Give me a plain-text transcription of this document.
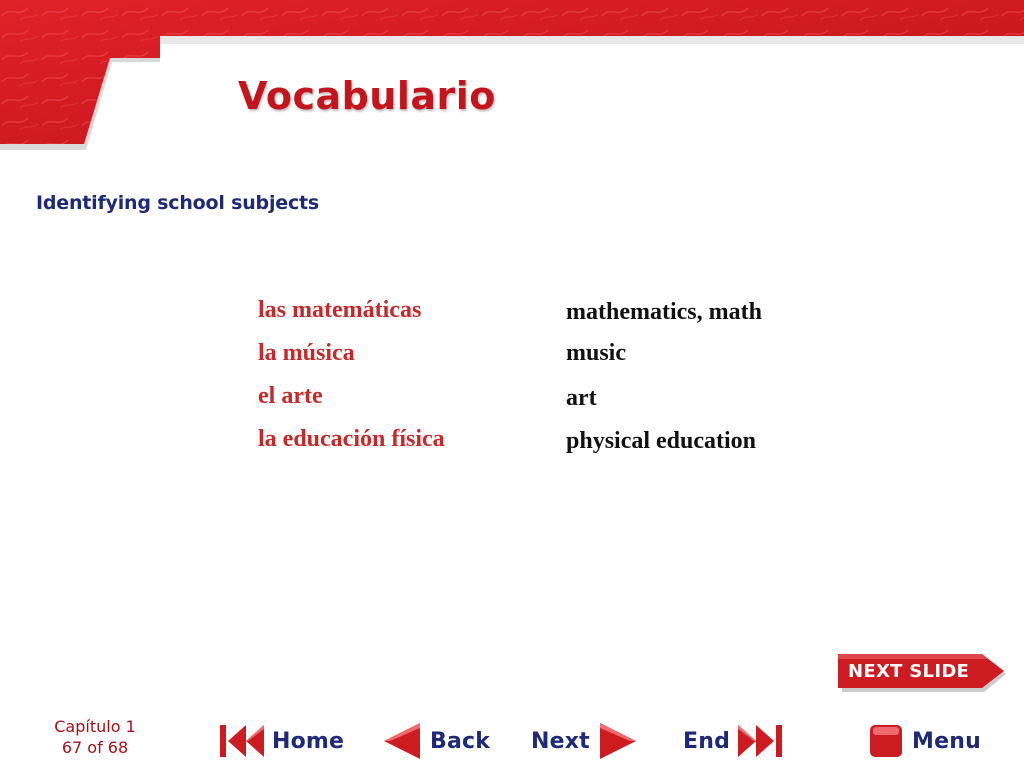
Vocabulario
Identifying school subjects
las matemáticas	mathematics, math
la música	music
el arte	art
la educación física	physical education
NEXT SLIDE
Capítulo 1
67 of 68	Home	Back Next	End	Menu
